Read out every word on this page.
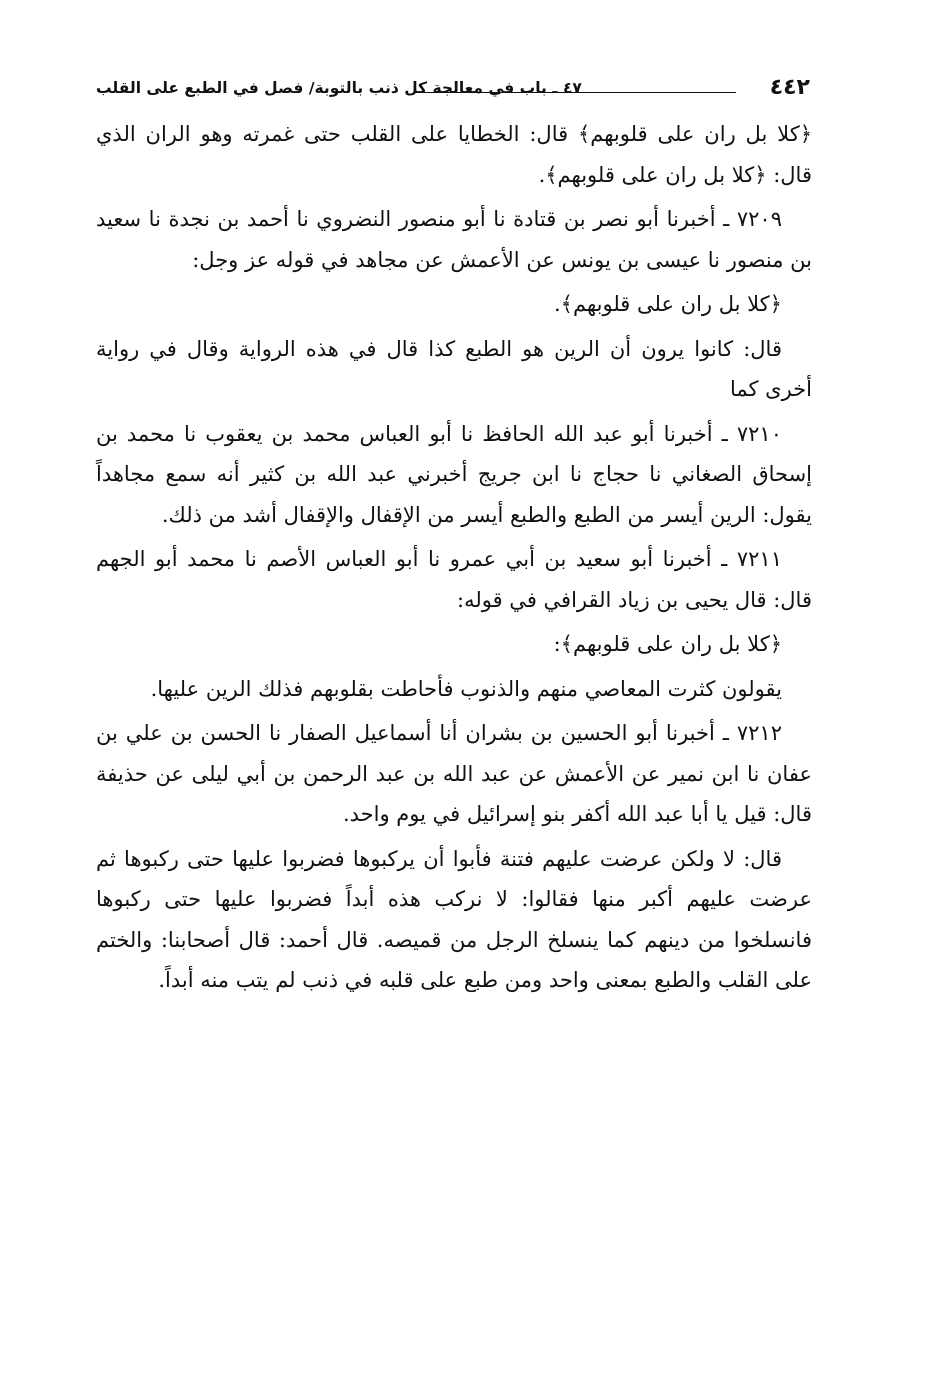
٤٤٢
٤٧ ـ باب في معالجة كل ذنب بالتوبة/ فصل في الطبع على القلب

﴿كلا بل ران على قلوبهم﴾ قال: الخطايا على القلب حتى غمرته وهو الران الذي قال: ﴿كلا بل ران على قلوبهم﴾.

٧٢٠٩ ـ أخبرنا أبو نصر بن قتادة نا أبو منصور النضروي نا أحمد بن نجدة نا سعيد بن منصور نا عيسى بن يونس عن الأعمش عن مجاهد في قوله عز وجل:

﴿كلا بل ران على قلوبهم﴾.

قال: كانوا يرون أن الرين هو الطبع كذا قال في هذه الرواية وقال في رواية أخرى كما

٧٢١٠ ـ أخبرنا أبو عبد الله الحافظ نا أبو العباس محمد بن يعقوب نا محمد بن إسحاق الصغاني نا حجاج نا ابن جريج أخبرني عبد الله بن كثير أنه سمع مجاهداً يقول: الرين أيسر من الطبع والطبع أيسر من الإقفال والإقفال أشد من ذلك.

٧٢١١ ـ أخبرنا أبو سعيد بن أبي عمرو نا أبو العباس الأصم نا محمد أبو الجهم قال: قال يحيى بن زياد القرافي في قوله:

﴿كلا بل ران على قلوبهم﴾:

يقولون كثرت المعاصي منهم والذنوب فأحاطت بقلوبهم فذلك الرين عليها.

٧٢١٢ ـ أخبرنا أبو الحسين بن بشران أنا أسماعيل الصفار نا الحسن بن علي بن عفان نا ابن نمير عن الأعمش عن عبد الله بن عبد الرحمن بن أبي ليلى عن حذيفة قال: قيل يا أبا عبد الله أكفر بنو إسرائيل في يوم واحد.

قال: لا ولكن عرضت عليهم فتنة فأبوا أن يركبوها فضربوا عليها حتى ركبوها ثم عرضت عليهم أكبر منها فقالوا: لا نركب هذه أبداً فضربوا عليها حتى ركبوها فانسلخوا من دينهم كما ينسلخ الرجل من قميصه. قال أحمد: قال أصحابنا: والختم على القلب والطبع بمعنى واحد ومن طبع على قلبه في ذنب لم يتب منه أبداً.
